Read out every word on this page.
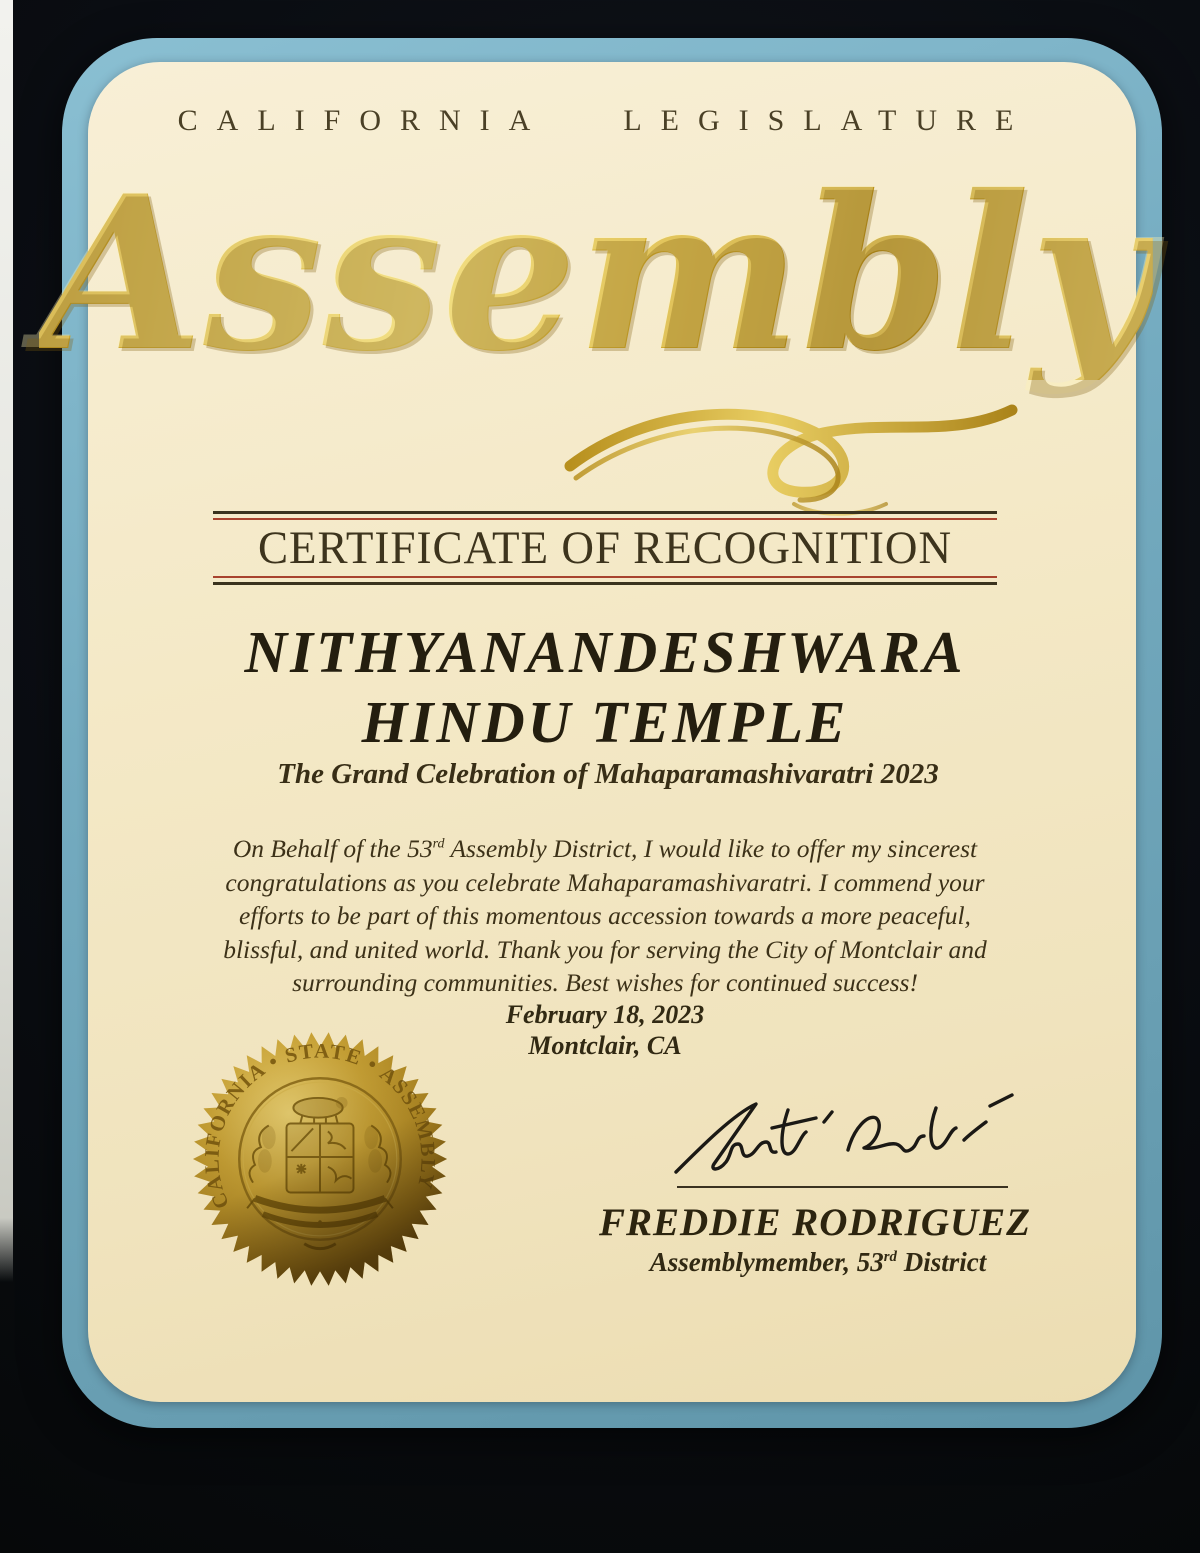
CALIFORNIA LEGISLATURE
Assembly
CERTIFICATE OF RECOGNITION
NITHYANANDESHWARA
HINDU TEMPLE
The Grand Celebration of Mahaparamashivaratri 2023
On Behalf of the 53rd Assembly District, I would like to offer my sincerest
congratulations as you celebrate Mahaparamashivaratri. I commend your
efforts to be part of this momentous accession towards a more peaceful,
blissful, and united world. Thank you for serving the City of Montclair and
surrounding communities. Best wishes for continued success!
February 18, 2023
Montclair, CA
FREDDIE RODRIGUEZ
Assemblymember, 53rd District
